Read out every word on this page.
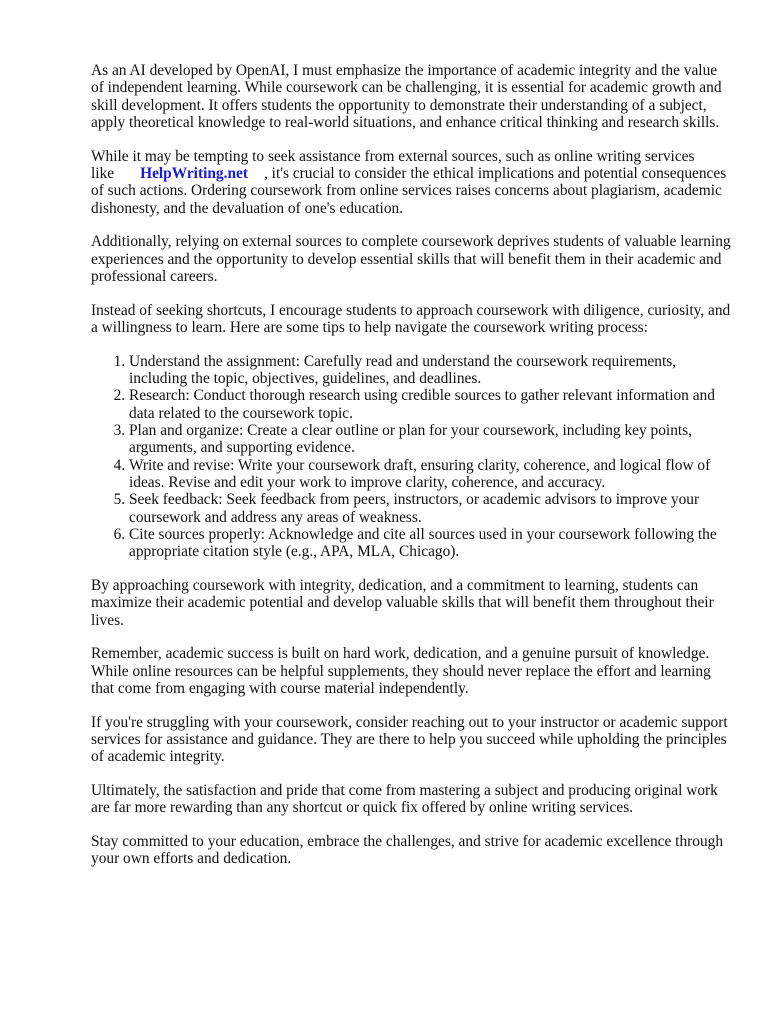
As an AI developed by OpenAI, I must emphasize the importance of academic integrity and the value of independent learning. While coursework can be challenging, it is essential for academic growth and skill development. It offers students the opportunity to demonstrate their understanding of a subject, apply theoretical knowledge to real-world situations, and enhance critical thinking and research skills.

While it may be tempting to seek assistance from external sources, such as online writing services like HelpWriting.net , it's crucial to consider the ethical implications and potential consequences of such actions. Ordering coursework from online services raises concerns about plagiarism, academic dishonesty, and the devaluation of one's education.

Additionally, relying on external sources to complete coursework deprives students of valuable learning experiences and the opportunity to develop essential skills that will benefit them in their academic and professional careers.

Instead of seeking shortcuts, I encourage students to approach coursework with diligence, curiosity, and a willingness to learn. Here are some tips to help navigate the coursework writing process:

1. Understand the assignment: Carefully read and understand the coursework requirements, including the topic, objectives, guidelines, and deadlines.
2. Research: Conduct thorough research using credible sources to gather relevant information and data related to the coursework topic.
3. Plan and organize: Create a clear outline or plan for your coursework, including key points, arguments, and supporting evidence.
4. Write and revise: Write your coursework draft, ensuring clarity, coherence, and logical flow of ideas. Revise and edit your work to improve clarity, coherence, and accuracy.
5. Seek feedback: Seek feedback from peers, instructors, or academic advisors to improve your coursework and address any areas of weakness.
6. Cite sources properly: Acknowledge and cite all sources used in your coursework following the appropriate citation style (e.g., APA, MLA, Chicago).

By approaching coursework with integrity, dedication, and a commitment to learning, students can maximize their academic potential and develop valuable skills that will benefit them throughout their lives.

Remember, academic success is built on hard work, dedication, and a genuine pursuit of knowledge. While online resources can be helpful supplements, they should never replace the effort and learning that come from engaging with course material independently.

If you're struggling with your coursework, consider reaching out to your instructor or academic support services for assistance and guidance. They are there to help you succeed while upholding the principles of academic integrity.

Ultimately, the satisfaction and pride that come from mastering a subject and producing original work are far more rewarding than any shortcut or quick fix offered by online writing services.

Stay committed to your education, embrace the challenges, and strive for academic excellence through your own efforts and dedication.
